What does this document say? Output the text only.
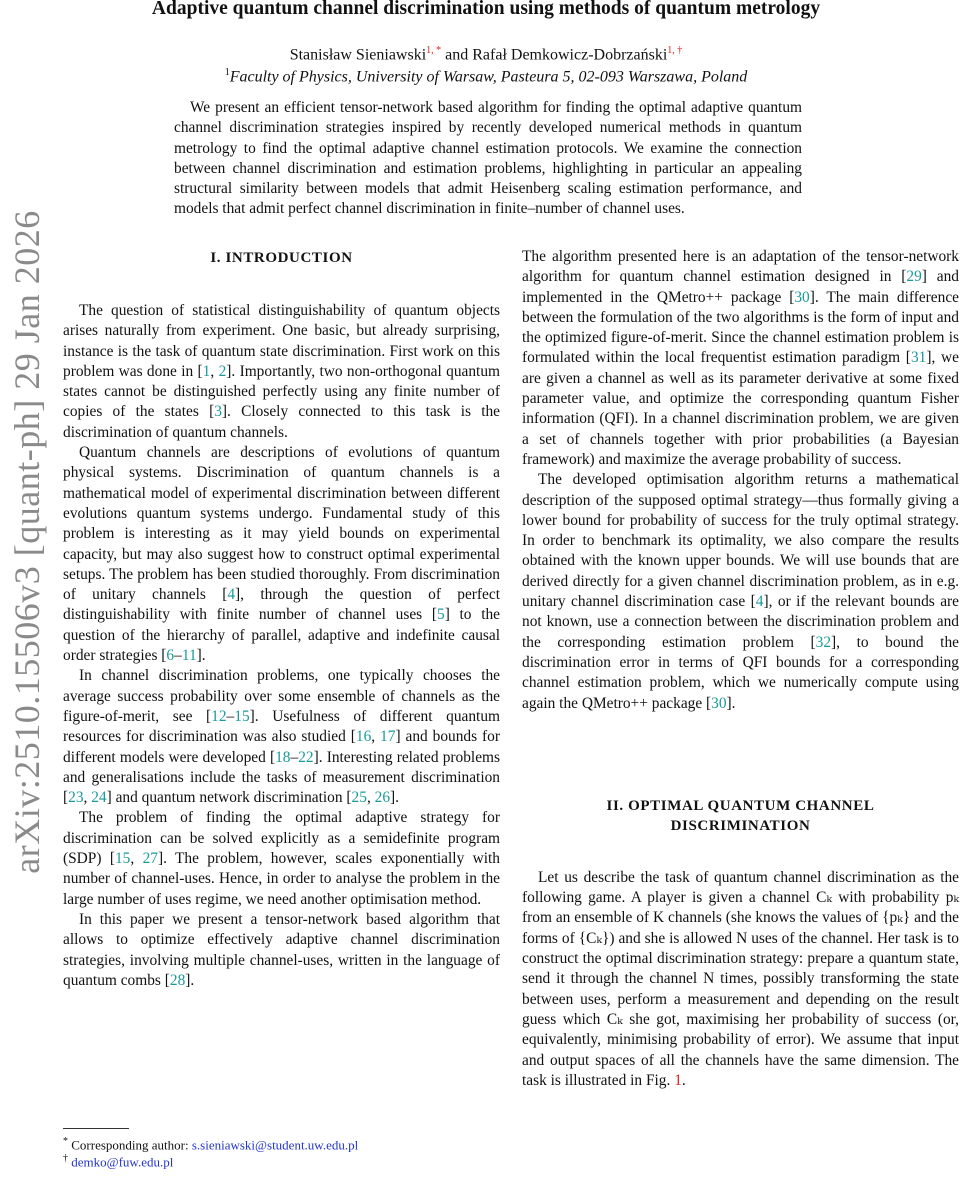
Adaptive quantum channel discrimination using methods of quantum metrology
Stanisław Sieniawski$^{1, *}$ and Rafał Demkowicz-Dobrzański$^{1, \dagger}$
$^1$Faculty of Physics, University of Warsaw, Pasteura 5, 02-093 Warszawa, Poland
We present an efficient tensor-network based algorithm for finding the optimal adaptive quantum channel discrimination strategies inspired by recently developed numerical methods in quantum metrology to find the optimal adaptive channel estimation protocols. We examine the connection between channel discrimination and estimation problems, highlighting in particular an appealing structural similarity between models that admit Heisenberg scaling estimation performance, and models that admit perfect channel discrimination in finite–number of channel uses.
arXiv:2510.15506v3 [quant-ph] 29 Jan 2026	I. INTRODUCTION

The question of statistical distinguishability of quantum objects arises naturally from experiment. One basic, but already surprising, instance is the task of quantum state discrimination. First work on this problem was done in [1, 2]. Importantly, two non-orthogonal quantum states cannot be distinguished perfectly using any finite number of copies of the states [3]. Closely connected to this task is the discrimination of quantum channels.

Quantum channels are descriptions of evolutions of quantum physical systems. Discrimination of quantum channels is a mathematical model of experimental discrimination between different evolutions quantum systems undergo. Fundamental study of this problem is interesting as it may yield bounds on experimental capacity, but may also suggest how to construct optimal experimental setups. The problem has been studied thoroughly. From discrimination of unitary channels [4], through the question of perfect distinguishability with finite number of channel uses [5] to the question of the hierarchy of parallel, adaptive and indefinite causal order strategies [6–11].

In channel discrimination problems, one typically chooses the average success probability over some ensemble of channels as the figure-of-merit, see [12–15]. Usefulness of different quantum resources for discrimination was also studied [16, 17] and bounds for different models were developed [18–22]. Interesting related problems and generalisations include the tasks of measurement discrimination [23, 24] and quantum network discrimination [25, 26].

The problem of finding the optimal adaptive strategy for discrimination can be solved explicitly as a semidefinite program (SDP) [15, 27]. The problem, however, scales exponentially with number of channel-uses. Hence, in order to analyse the problem in the large number of uses regime, we need another optimisation method.

In this paper we present a tensor-network based algorithm that allows to optimize effectively adaptive channel discrimination strategies, involving multiple channel-uses, written in the language of quantum combs [28].

The algorithm presented here is an adaptation of the tensor-network algorithm for quantum channel estimation designed in [29] and implemented in the QMetro++ package [30]. The main difference between the formulation of the two algorithms is the form of input and the optimized figure-of-merit. Since the channel estimation problem is formulated within the local frequentist estimation paradigm [31], we are given a channel as well as its parameter derivative at some fixed parameter value, and optimize the corresponding quantum Fisher information (QFI). In a channel discrimination problem, we are given a set of channels together with prior probabilities (a Bayesian framework) and maximize the average probability of success.

The developed optimisation algorithm returns a mathematical description of the supposed optimal strategy—thus formally giving a lower bound for probability of success for the truly optimal strategy. In order to benchmark its optimality, we also compare the results obtained with the known upper bounds. We will use bounds that are derived directly for a given channel discrimination problem, as in e.g. unitary channel discrimination case [4], or if the relevant bounds are not known, use a connection between the discrimination problem and the corresponding estimation problem [32], to bound the discrimination error in terms of QFI bounds for a corresponding channel estimation problem, which we numerically compute using again the QMetro++ package [30].

II. OPTIMAL QUANTUM CHANNEL
DISCRIMINATION

Let us describe the task of quantum channel discrimination as the following game. A player is given a channel Cₖ with probability pₖ from an ensemble of K channels (she knows the values of {pₖ} and the forms of {Cₖ}) and she is allowed N uses of the channel. Her task is to construct the optimal discrimination strategy: prepare a quantum state, send it through the channel N times, possibly transforming the state between uses, perform a measurement and depending on the result guess which Cₖ she got, maximising her probability of success (or, equivalently, minimising probability of error). We assume that input and output spaces of all the channels have the same dimension. The task is illustrated in Fig. 1.

* Corresponding author: s.sieniawski@student.uw.edu.pl
† demko@fuw.edu.pl
